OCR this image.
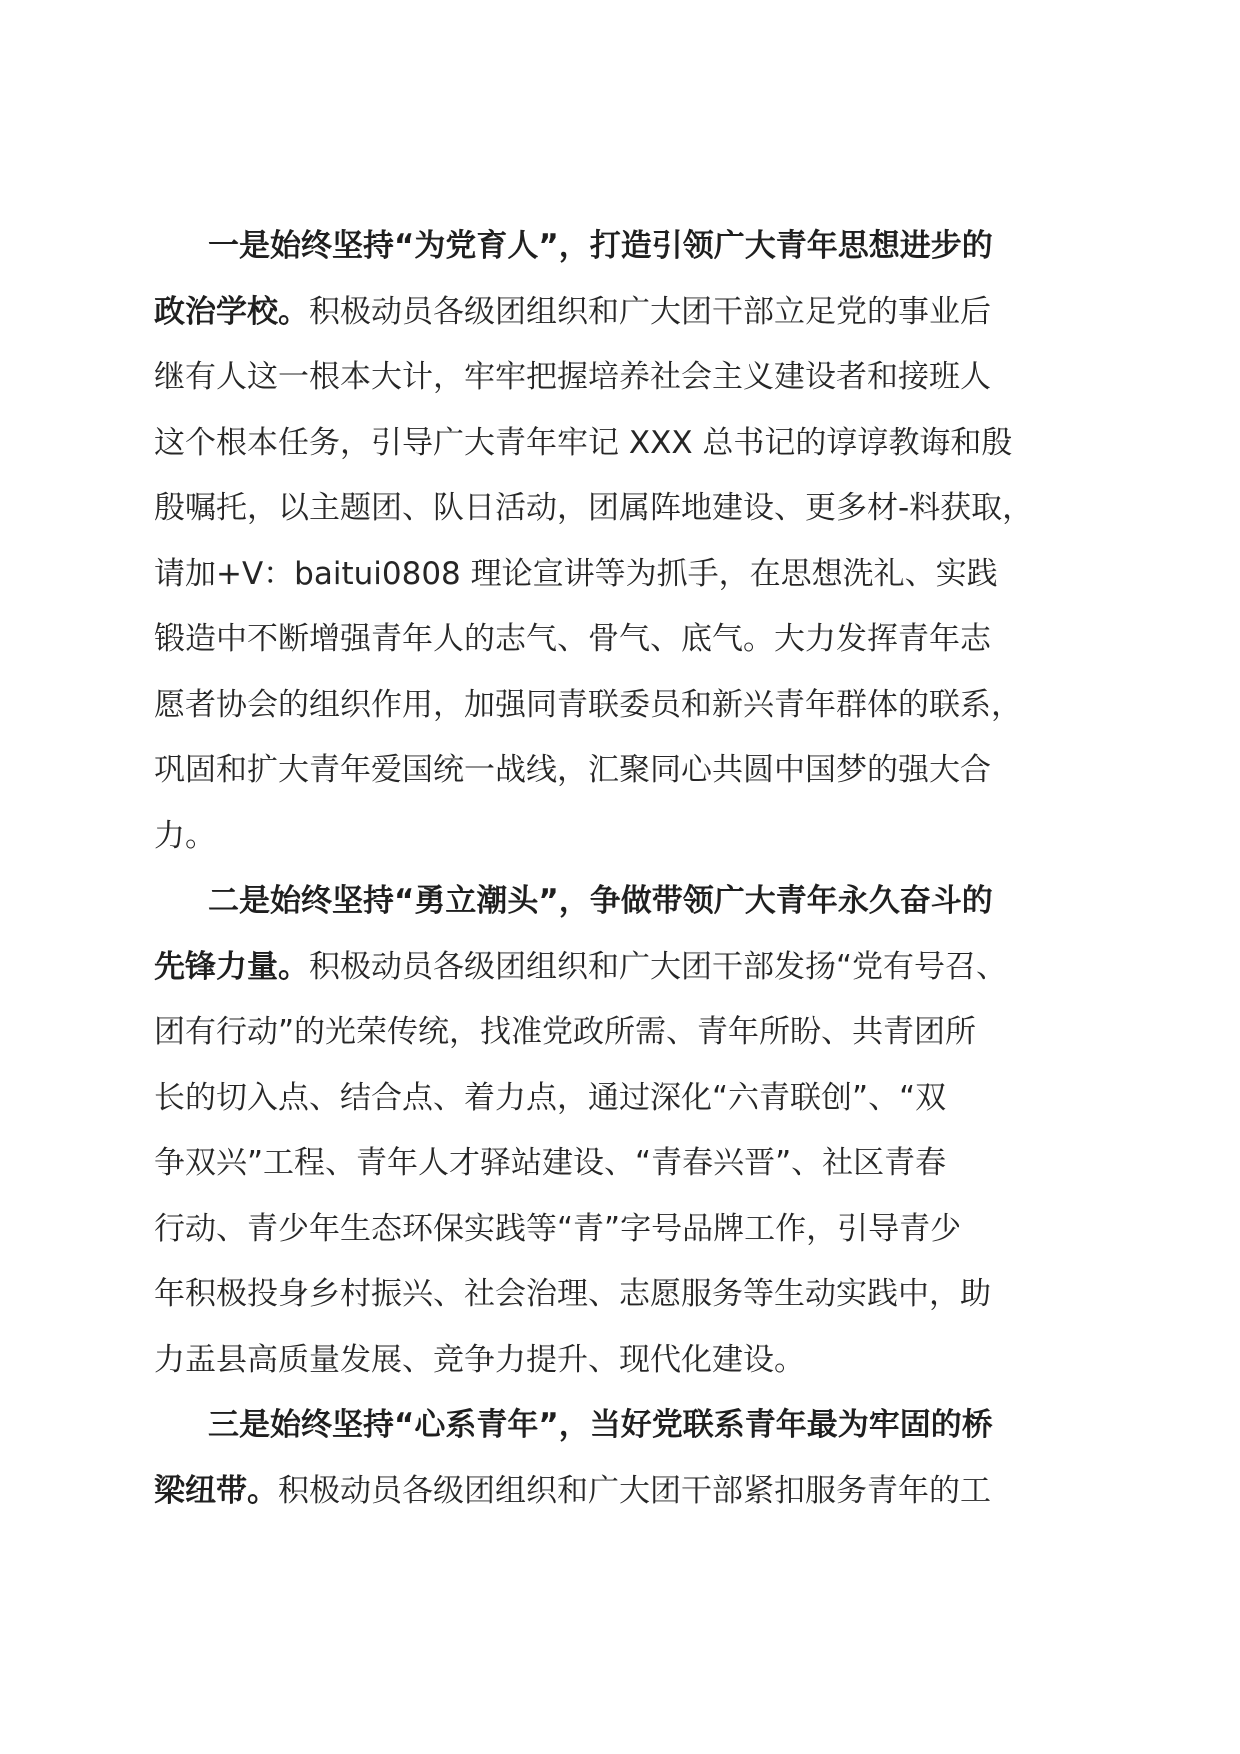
一是始终坚持“为党育人”，打造引领广大青年思想进步的
政治学校。积极动员各级团组织和广大团干部立足党的事业后
继有人这一根本大计，牢牢把握培养社会主义建设者和接班人
这个根本任务，引导广大青年牢记 XXX 总书记的谆谆教诲和殷
殷嘱托，以主题团、队日活动，团属阵地建设、更多材-料获取，
请加+V：baitui0808 理论宣讲等为抓手，在思想洗礼、实践
锻造中不断增强青年人的志气、骨气、底气。大力发挥青年志
愿者协会的组织作用，加强同青联委员和新兴青年群体的联系，
巩固和扩大青年爱国统一战线，汇聚同心共圆中国梦的强大合
力。
二是始终坚持“勇立潮头”，争做带领广大青年永久奋斗的
先锋力量。积极动员各级团组织和广大团干部发扬“党有号召、
团有行动”的光荣传统，找准党政所需、青年所盼、共青团所
长的切入点、结合点、着力点，通过深化“六青联创”、“双
争双兴”工程、青年人才驿站建设、“青春兴晋”、社区青春
行动、青少年生态环保实践等“青”字号品牌工作，引导青少
年积极投身乡村振兴、社会治理、志愿服务等生动实践中，助
力盂县高质量发展、竞争力提升、现代化建设。
三是始终坚持“心系青年”，当好党联系青年最为牢固的桥
梁纽带。积极动员各级团组织和广大团干部紧扣服务青年的工
